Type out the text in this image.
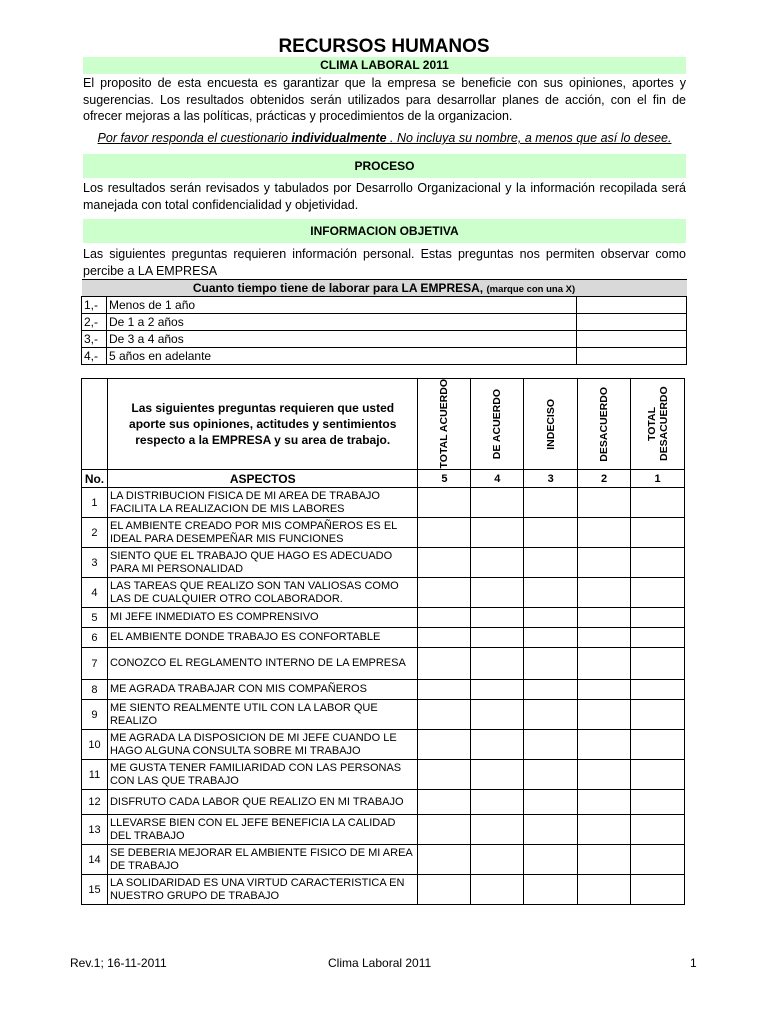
RECURSOS HUMANOS
CLIMA LABORAL 2011
El proposito de esta encuesta es garantizar que la empresa se beneficie con sus opiniones, aportes y sugerencias. Los resultados obtenidos serán utilizados para desarrollar planes de acción, con el fin de ofrecer mejoras a las políticas, prácticas y procedimientos de la organizacion.
Por favor responda el cuestionario individualmente . No incluya su nombre, a menos que así lo desee.
PROCESO
Los resultados serán revisados y tabulados por Desarrollo Organizacional y la información recopilada será manejada con total confidencialidad y objetividad.
INFORMACION OBJETIVA
Las siguientes preguntas requieren información personal. Estas preguntas nos permiten observar como percibe a LA EMPRESA
Cuanto tiempo tiene de laborar para LA EMPRESA, (marque con una X)		
1,-	Menos de 1 año	
2,-	De 1 a 2 años	
3,-	De 3 a 4 años	
4,-	5 años en adelante	
	Las siguientes preguntas requieren que usted aporte sus opiniones, actitudes y sentimientos respecto a la EMPRESA y su area de trabajo.	TOTAL ACUERDO	DE ACUERDO	INDECISO	DESACUERDO	TOTAL DESACUERDO

No.	ASPECTOS	5	4	3	2	1
1	LA DISTRIBUCION FISICA DE MI AREA DE TRABAJO FACILITA LA REALIZACION DE MIS LABORES					
2	EL AMBIENTE CREADO POR MIS COMPAÑEROS ES EL IDEAL PARA DESEMPEÑAR MIS FUNCIONES					
3	SIENTO QUE EL TRABAJO QUE HAGO ES ADECUADO PARA MI PERSONALIDAD					
4	LAS TAREAS QUE REALIZO SON TAN VALIOSAS COMO LAS DE CUALQUIER OTRO COLABORADOR.					
5	MI JEFE INMEDIATO ES COMPRENSIVO					
6	EL AMBIENTE DONDE TRABAJO ES CONFORTABLE					
7	CONOZCO EL REGLAMENTO INTERNO DE LA EMPRESA					
8	ME AGRADA TRABAJAR CON MIS COMPAÑEROS					
9	ME SIENTO REALMENTE UTIL CON LA LABOR QUE REALIZO					
10	ME AGRADA LA DISPOSICION DE MI JEFE CUANDO LE HAGO ALGUNA CONSULTA SOBRE MI TRABAJO					
11	ME GUSTA TENER FAMILIARIDAD CON LAS PERSONAS CON LAS QUE TRABAJO					
12	DISFRUTO CADA LABOR QUE REALIZO EN MI TRABAJO					
13	LLEVARSE BIEN CON EL JEFE BENEFICIA LA CALIDAD DEL TRABAJO					
14	SE DEBERIA MEJORAR EL AMBIENTE FISICO DE MI AREA DE TRABAJO					
15	LA SOLIDARIDAD ES UNA VIRTUD CARACTERISTICA EN NUESTRO GRUPO DE TRABAJO					
Rev.1; 16-11-2011	Clima Laboral 2011	1
